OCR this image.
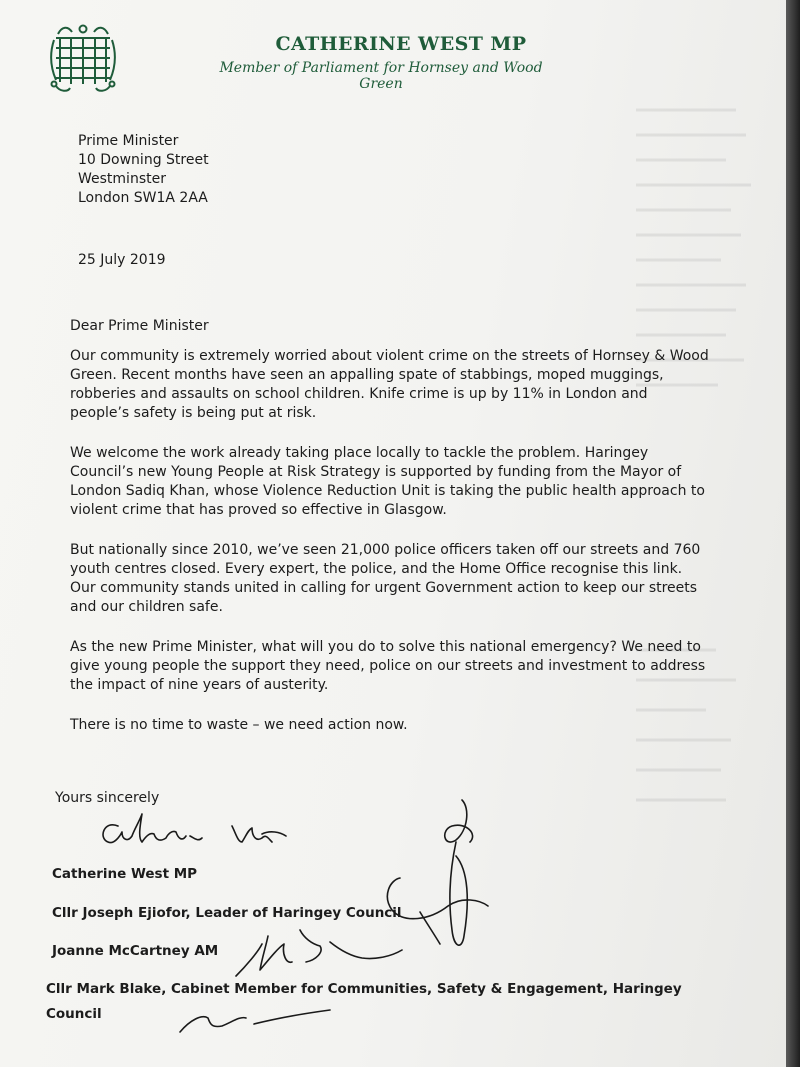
CATHERINE WEST MP
Member of Parliament for Hornsey and Wood Green
Prime Minister
10 Downing Street
Westminster
London SW1A 2AA
25 July 2019

Dear Prime Minister

Our community is extremely worried about violent crime on the streets of Hornsey & Wood Green. Recent months have seen an appalling spate of stabbings, moped muggings, robberies and assaults on school children. Knife crime is up by 11% in London and people’s safety is being put at risk.

We welcome the work already taking place locally to tackle the problem. Haringey Council’s new Young People at Risk Strategy is supported by funding from the Mayor of London Sadiq Khan, whose Violence Reduction Unit is taking the public health approach to violent crime that has proved so effective in Glasgow.

But nationally since 2010, we’ve seen 21,000 police officers taken off our streets and 760 youth centres closed. Every expert, the police, and the Home Office recognise this link. Our community stands united in calling for urgent Government action to keep our streets and our children safe.

As the new Prime Minister, what will you do to solve this national emergency? We need to give young people the support they need, police on our streets and investment to address the impact of nine years of austerity.

There is no time to waste – we need action now.

Yours sincerely
Catherine West MP
Cllr Joseph Ejiofor, Leader of Haringey Council
Joanne McCartney AM
Cllr Mark Blake, Cabinet Member for Communities, Safety & Engagement, Haringey
Council
